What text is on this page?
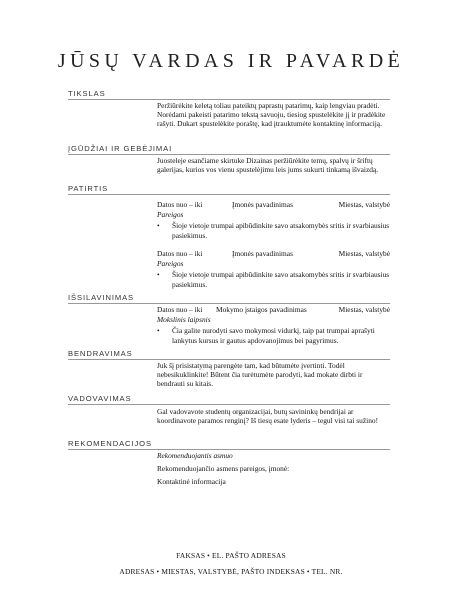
JŪSŲ VARDAS IR PAVARDĖ
TIKSLAS
Peržiūrėkite keletą toliau pateiktų paprastų patarimų, kaip lengviau pradėti. Norėdami pakeisti patarimo tekstą savuoju, tiesiog spustelėkite jį ir pradėkite rašyti. Dukart spustelėkite poraštę, kad įtrauktumėte kontaktinę informaciją.
ĮGŪDŽIAI IR GEBĖJIMAI
Juosteleje esančiame skirtuke Dizainas peržiūrėkite temų, spalvų ir šriftų galerijas, kurios vos vienu spustelėjimu leis jums sukurti tinkamą išvaizdą.
PATIRTIS
Datos nuo – iki	Įmonės pavadinimas	Miestas, valstybė
Pareigos
• Šioje vietoje trumpai apibūdinkite savo atsakomybės sritis ir svarbiausius pasiekimus.
Datos nuo – iki	Įmonės pavadinimas	Miestas, valstybė
Pareigos
• Šioje vietoje trumpai apibūdinkite savo atsakomybės sritis ir svarbiausius pasiekimus.
IŠSILAVINIMAS
Datos nuo – iki Mokymo įstaigos pavadinimas	Miestas, valstybė
Mokslinis laipsnis
• Čia galite nurodyti savo mokymosi vidurkį, taip pat trumpai aprašyti lankytus kursus ir gautus apdovanojimus bei pagyrimus.
BENDRAVIMAS
Juk šį prisistatymą parengėte tam, kad būtumėte įvertinti. Todėl nebesikuklinkite! Būtent čia turėtumėte parodyti, kad mokate dirbti ir bendrauti su kitais.
VADOVAVIMAS
Gal vadovavote studentų organizacijai, butų savininkų bendrijai ar koordinavote paramos renginį? Iš tiesų esate lyderis – tegul visi tai sužino!
REKOMENDACIJOS
Rekomenduojantis asmuo
Rekomenduojančio asmens pareigos, įmonė:
Kontaktinė informacija
FAKSAS • EL. PAŠTO ADRESAS
ADRESAS • MIESTAS, VALSTYBĖ, PAŠTO INDEKSAS • TEL. NR.
